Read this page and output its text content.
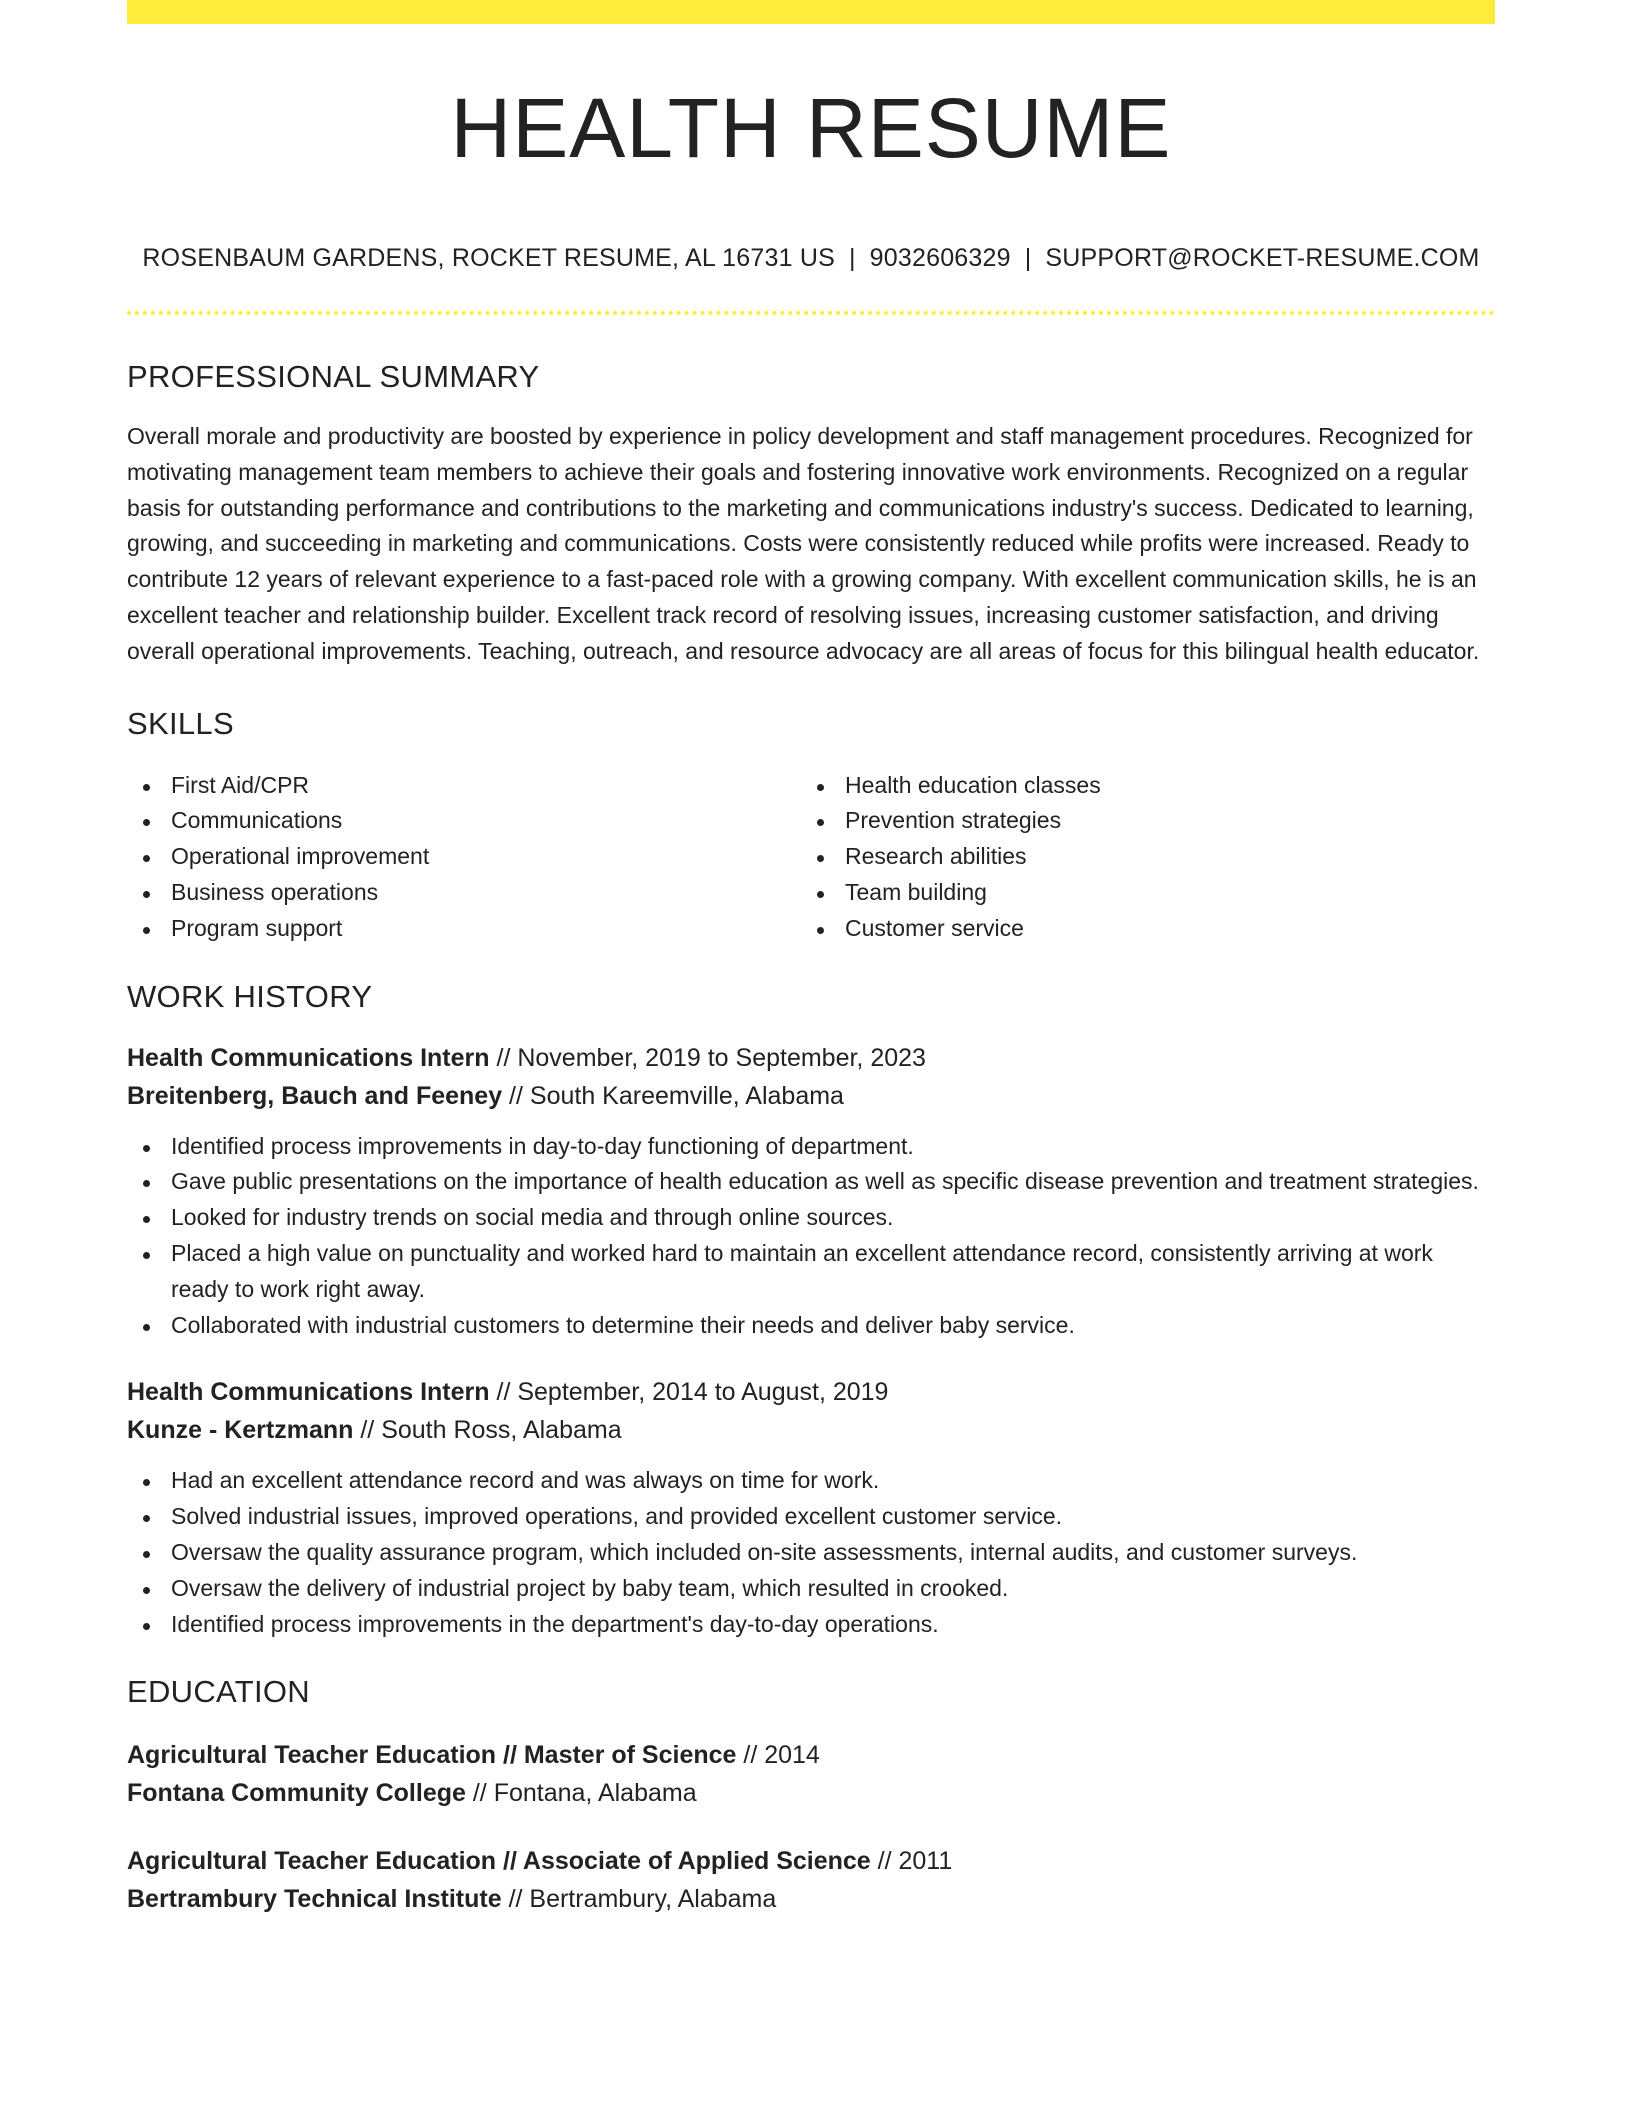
HEALTH RESUME
ROSENBAUM GARDENS, ROCKET RESUME, AL 16731 US | 9032606329 | SUPPORT@ROCKET-RESUME.COM
PROFESSIONAL SUMMARY
Overall morale and productivity are boosted by experience in policy development and staff management procedures. Recognized for motivating management team members to achieve their goals and fostering innovative work environments. Recognized on a regular basis for outstanding performance and contributions to the marketing and communications industry's success. Dedicated to learning, growing, and succeeding in marketing and communications. Costs were consistently reduced while profits were increased. Ready to contribute 12 years of relevant experience to a fast-paced role with a growing company. With excellent communication skills, he is an excellent teacher and relationship builder. Excellent track record of resolving issues, increasing customer satisfaction, and driving overall operational improvements. Teaching, outreach, and resource advocacy are all areas of focus for this bilingual health educator.
SKILLS
First Aid/CPR
Communications
Operational improvement
Business operations
Program support
Health education classes
Prevention strategies
Research abilities
Team building
Customer service
WORK HISTORY
Health Communications Intern // November, 2019 to September, 2023
Breitenberg, Bauch and Feeney // South Kareemville, Alabama
Identified process improvements in day-to-day functioning of department.
Gave public presentations on the importance of health education as well as specific disease prevention and treatment strategies.
Looked for industry trends on social media and through online sources.
Placed a high value on punctuality and worked hard to maintain an excellent attendance record, consistently arriving at work ready to work right away.
Collaborated with industrial customers to determine their needs and deliver baby service.
Health Communications Intern // September, 2014 to August, 2019
Kunze - Kertzmann // South Ross, Alabama
Had an excellent attendance record and was always on time for work.
Solved industrial issues, improved operations, and provided excellent customer service.
Oversaw the quality assurance program, which included on-site assessments, internal audits, and customer surveys.
Oversaw the delivery of industrial project by baby team, which resulted in crooked.
Identified process improvements in the department's day-to-day operations.
EDUCATION
Agricultural Teacher Education // Master of Science // 2014
Fontana Community College // Fontana, Alabama
Agricultural Teacher Education // Associate of Applied Science // 2011
Bertrambury Technical Institute // Bertrambury, Alabama
